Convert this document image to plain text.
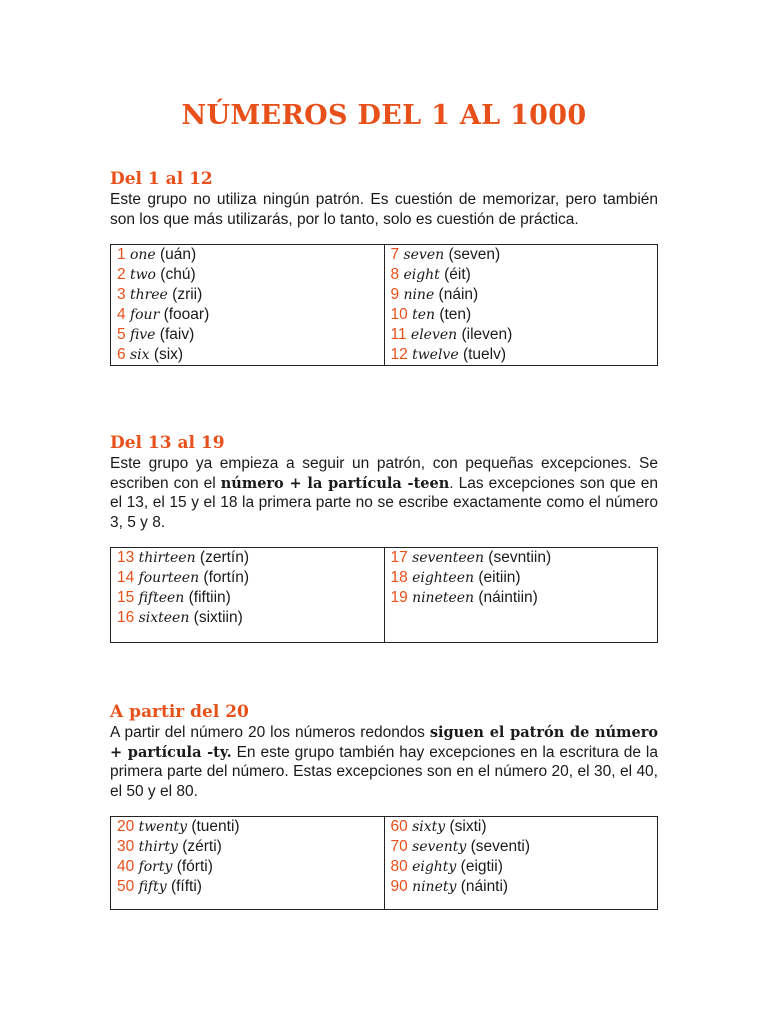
NÚMEROS DEL 1 AL 1000
Del 1 al 12

Este grupo no utiliza ningún patrón. Es cuestión de memorizar, pero también son los que más utilizarás, por lo tanto, solo es cuestión de práctica.

1 one (uán)
2 two (chú)
3 three (zrii)
4 four (fooar)
5 five (faiv)
6 six (six)

7 seven (seven)
8 eight (éit)
9 nine (náin)
10 ten (ten)
11 eleven (ileven)
12 twelve (tuelv)
Del 13 al 19

Este grupo ya empieza a seguir un patrón, con pequeñas excepciones. Se escriben con el número + la partícula -teen. Las excepciones son que en el 13, el 15 y el 18 la primera parte no se escribe exactamente como el número 3, 5 y 8.

13 thirteen (zertín)
14 fourteen (fortín)
15 fifteen (fiftiin)
16 sixteen (sixtiin)

17 seventeen (sevntiin)
18 eighteen (eitiin)
19 nineteen (náintiin)
A partir del 20

A partir del número 20 los números redondos siguen el patrón de número + partícula -ty. En este grupo también hay excepciones en la escritura de la primera parte del número. Estas excepciones son en el número 20, el 30, el 40, el 50 y el 80.

20 twenty (tuenti)
30 thirty (zérti)
40 forty (fórti)
50 fifty (fífti)

60 sixty (sixti)
70 seventy (seventi)
80 eighty (eigtii)
90 ninety (náinti)
